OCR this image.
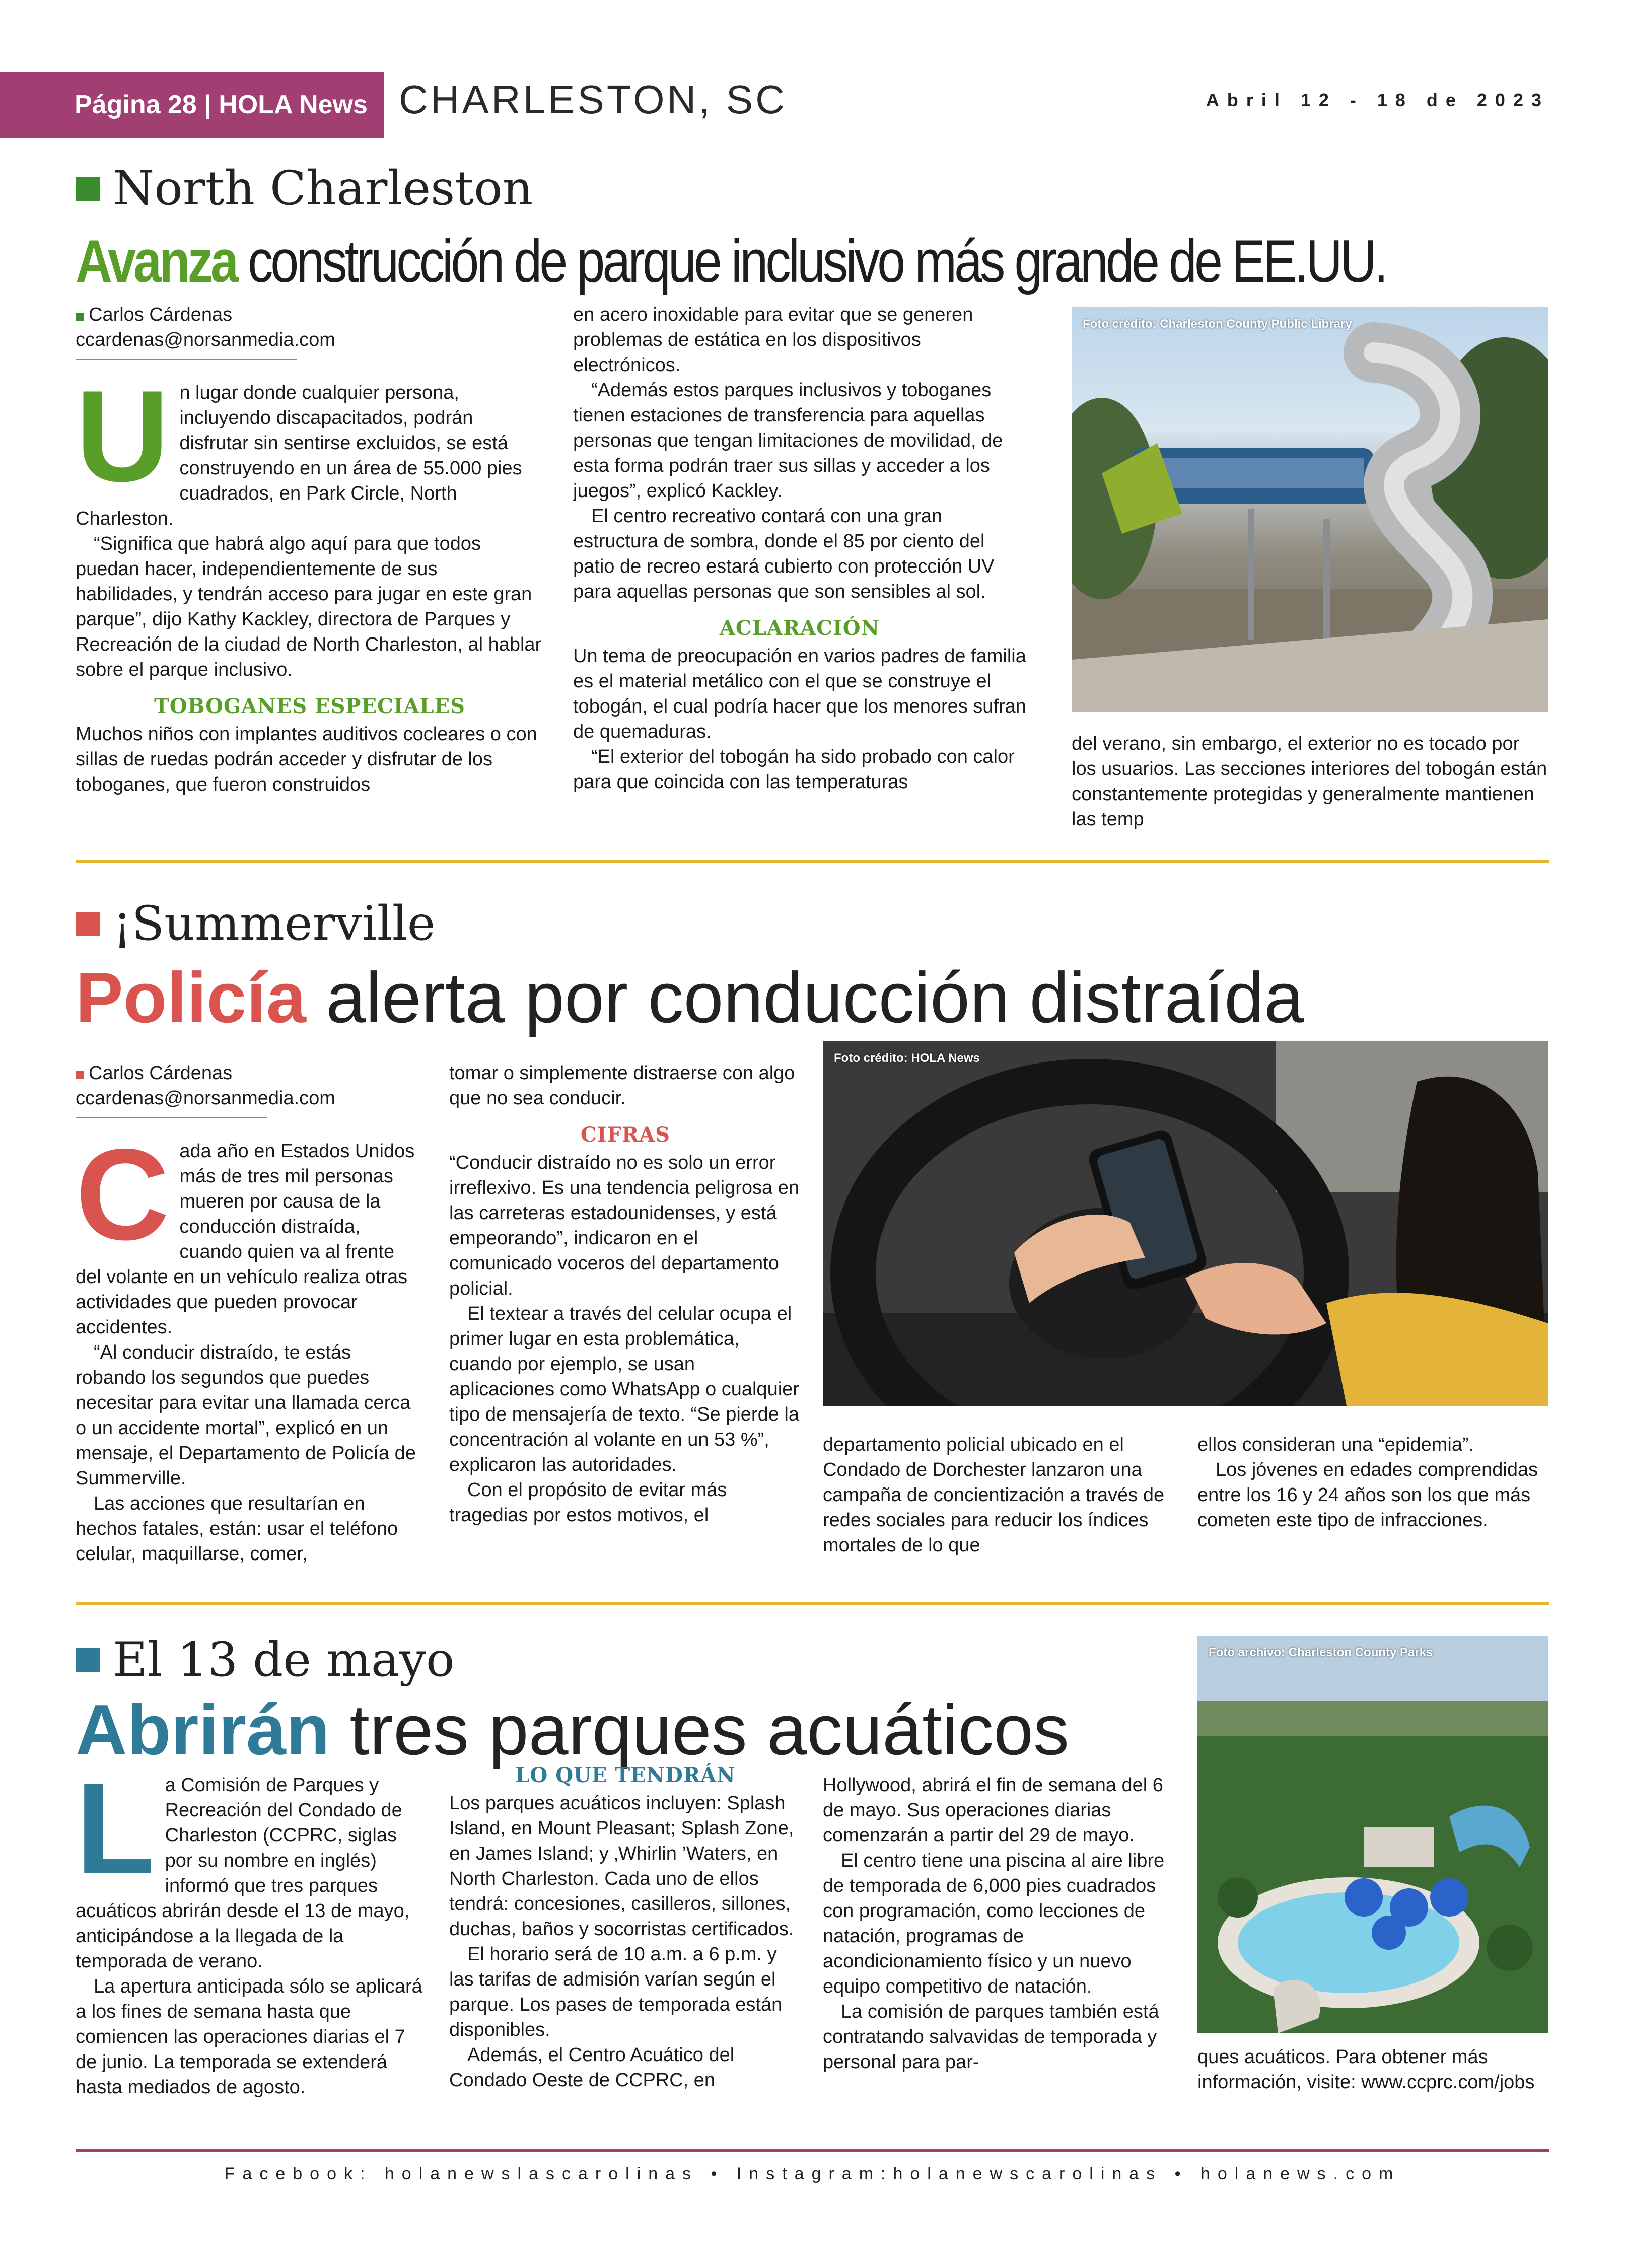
Página 28 | HOLA News CHARLESTON, SC	Abril 12 - 18 de 2023
North Charleston
Avanza construcción de parque inclusivo más grande de EE.UU.
Carlos Cárdenas
ccardenas@norsanmedia.com

Un lugar donde cualquier persona, incluyendo discapacitados, podrán disfrutar sin sentirse excluidos, se está construyendo en un área de 55.000 pies cuadrados, en Park Circle, North Charleston.

“Significa que habrá algo aquí para que todos puedan hacer, independientemente de sus habilidades, y tendrán acceso para jugar en este gran parque”, dijo Kathy Kackley, directora de Parques y Recreación de la ciudad de North Charleston, al hablar sobre el parque inclusivo.

TOBOGANES ESPECIALES

Muchos niños con implantes auditivos cocleares o con sillas de ruedas podrán acceder y disfrutar de los toboganes, que fueron construidos

en acero inoxidable para evitar que se generen problemas de estática en los dispositivos electrónicos.

“Además estos parques inclusivos y toboganes tienen estaciones de transferencia para aquellas personas que tengan limitaciones de movilidad, de esta forma podrán traer sus sillas y acceder a los juegos”, explicó Kackley.

El centro recreativo contará con una gran estructura de sombra, donde el 85 por ciento del patio de recreo estará cubierto con protección UV para aquellas personas que son sensibles al sol.

ACLARACIÓN

Un tema de preocupación en varios padres de familia es el material metálico con el que se construye el tobogán, el cual podría hacer que los menores sufran de quemaduras.

“El exterior del tobogán ha sido probado con calor para que coincida con las temperaturas

Foto crédito: Charleston County Public Library

del verano, sin embargo, el exterior no es tocado por los usuarios. Las secciones interiores del tobogán están constantemente protegidas y generalmente mantienen las temp

¡Summerville
Policía alerta por conducción distraída
Carlos Cárdenas
ccardenas@norsanmedia.com

Cada año en Estados Unidos más de tres mil personas mueren por causa de la conducción distraída, cuando quien va al frente del volante en un vehículo realiza otras actividades que pueden provocar accidentes.

“Al conducir distraído, te estás robando los segundos que puedes necesitar para evitar una llamada cerca o un accidente mortal”, explicó en un mensaje, el Departamento de Policía de Summerville.

Las acciones que resultarían en hechos fatales, están: usar el teléfono celular, maquillarse, comer,

tomar o simplemente distraerse con algo que no sea conducir.

CIFRAS

“Conducir distraído no es solo un error irreflexivo. Es una tendencia peligrosa en las carreteras estadounidenses, y está empeorando”, indicaron en el comunicado voceros del departamento policial.

El textear a través del celular ocupa el primer lugar en esta problemática, cuando por ejemplo, se usan aplicaciones como WhatsApp o cualquier tipo de mensajería de texto. “Se pierde la concentración al volante en un 53 %”, explicaron las autoridades.

Con el propósito de evitar más tragedias por estos motivos, el

Foto crédito: HOLA News

departamento policial ubicado en el Condado de Dorchester lanzaron una campaña de concientización a través de redes sociales para reducir los índices mortales de lo que

ellos consideran una “epidemia”.

Los jóvenes en edades comprendidas entre los 16 y 24 años son los que más cometen este tipo de infracciones.

El 13 de mayo
Abrirán tres parques acuáticos

La Comisión de Parques y Recreación del Condado de Charleston (CCPRC, siglas por su nombre en inglés) informó que tres parques acuáticos abrirán desde el 13 de mayo, anticipándose a la llegada de la temporada de verano.

La apertura anticipada sólo se aplicará a los fines de semana hasta que comiencen las operaciones diarias el 7 de junio. La temporada se extenderá hasta mediados de agosto.

LO QUE TENDRÁN

Los parques acuáticos incluyen: Splash Island, en Mount Pleasant; Splash Zone, en James Island; y ‚Whirlin ’Waters, en North Charleston. Cada uno de ellos tendrá: concesiones, casilleros, sillones, duchas, baños y socorristas certificados.

El horario será de 10 a.m. a 6 p.m. y las tarifas de admisión varían según el parque. Los pases de temporada están disponibles.

Además, el Centro Acuático del Condado Oeste de CCPRC, en

Hollywood, abrirá el fin de semana del 6 de mayo. Sus operaciones diarias comenzarán a partir del 29 de mayo.

El centro tiene una piscina al aire libre de temporada de 6,000 pies cuadrados con programación, como lecciones de natación, programas de acondicionamiento físico y un nuevo equipo competitivo de natación.

La comisión de parques también está contratando salvavidas de temporada y personal para par-

Foto archivo: Charleston County Parks

ques acuáticos. Para obtener más información, visite: www.ccprc.com/jobs

Facebook: holanewslascarolinas • Instagram:holanewscarolinas • holanews.com
